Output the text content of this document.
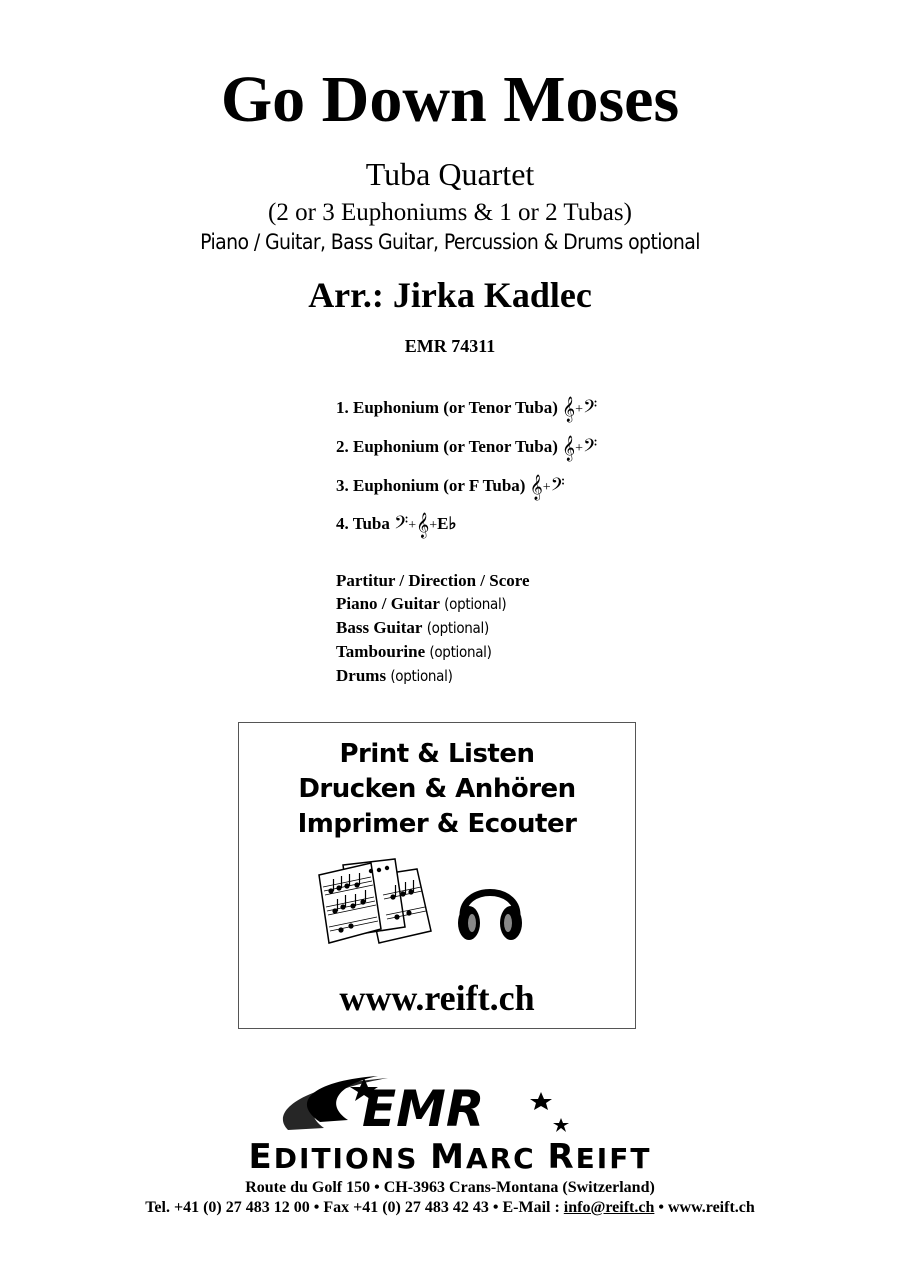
Go Down Moses
Tuba Quartet
(2 or 3 Euphoniums & 1 or 2 Tubas)
Piano / Guitar, Bass Guitar, Percussion & Drums optional
Arr.: Jirka Kadlec
EMR 74311
1. Euphonium (or Tenor Tuba) 𝄞+𝄢
2. Euphonium (or Tenor Tuba) 𝄞+𝄢
3. Euphonium (or F Tuba) 𝄞+𝄢
4. Tuba 𝄢+𝄞+E♭
Partitur / Direction / Score
Piano / Guitar (optional)
Bass Guitar (optional)
Tambourine (optional)
Drums (optional)
Print & Listen
Drucken & Anhören
Imprimer & Ecouter
www.reift.ch
EMR
EDITIONS MARC REIFT
Route du Golf 150 • CH-3963 Crans-Montana (Switzerland)
Tel. +41 (0) 27 483 12 00 • Fax +41 (0) 27 483 42 43 • E-Mail : info@reift.ch • www.reift.ch
